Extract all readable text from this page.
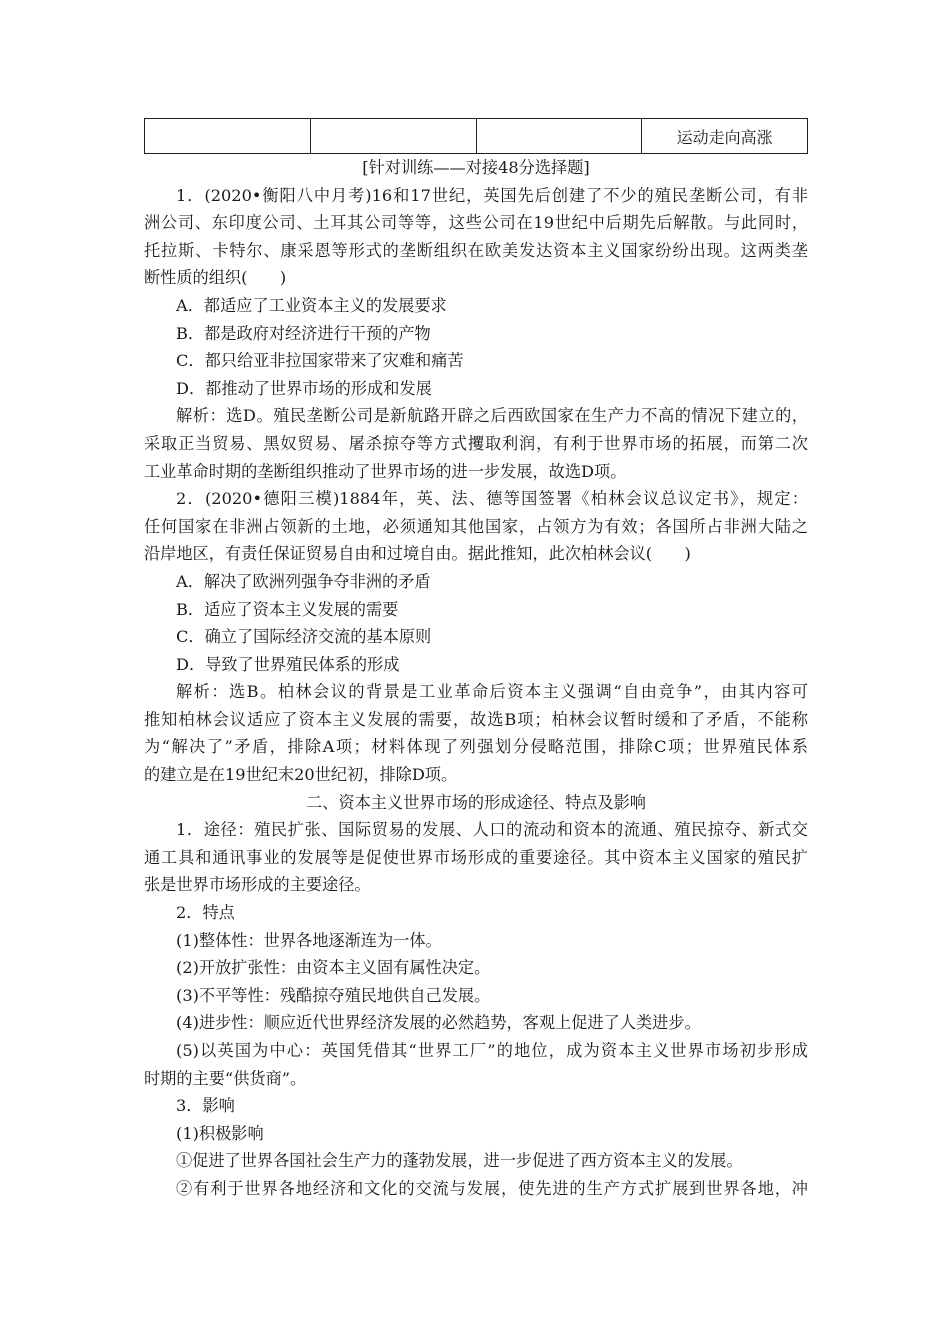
			运动走向高涨
[针对训练——对接48分选择题]
1．(2020•衡阳八中月考)16和17世纪，英国先后创建了不少的殖民垄断公司，有非
洲公司、东印度公司、土耳其公司等等，这些公司在19世纪中后期先后解散。与此同时，
托拉斯、卡特尔、康采恩等形式的垄断组织在欧美发达资本主义国家纷纷出现。这两类垄
断性质的组织(　　)
A．都适应了工业资本主义的发展要求
B．都是政府对经济进行干预的产物
C．都只给亚非拉国家带来了灾难和痛苦
D．都推动了世界市场的形成和发展
解析：选D。殖民垄断公司是新航路开辟之后西欧国家在生产力不高的情况下建立的，
采取正当贸易、黑奴贸易、屠杀掠夺等方式攫取利润，有利于世界市场的拓展，而第二次
工业革命时期的垄断组织推动了世界市场的进一步发展，故选D项。
2．(2020•德阳三模)1884年，英、法、德等国签署《柏林会议总议定书》，规定：
任何国家在非洲占领新的土地，必须通知其他国家，占领方为有效；各国所占非洲大陆之
沿岸地区，有责任保证贸易自由和过境自由。据此推知，此次柏林会议(　　)
A．解决了欧洲列强争夺非洲的矛盾
B．适应了资本主义发展的需要
C．确立了国际经济交流的基本原则
D．导致了世界殖民体系的形成
解析：选B。柏林会议的背景是工业革命后资本主义强调“自由竞争”，由其内容可
推知柏林会议适应了资本主义发展的需要，故选B项；柏林会议暂时缓和了矛盾，不能称
为“解决了”矛盾，排除A项；材料体现了列强划分侵略范围，排除C项；世界殖民体系
的建立是在19世纪末20世纪初，排除D项。
二、资本主义世界市场的形成途径、特点及影响
1．途径：殖民扩张、国际贸易的发展、人口的流动和资本的流通、殖民掠夺、新式交
通工具和通讯事业的发展等是促使世界市场形成的重要途径。其中资本主义国家的殖民扩
张是世界市场形成的主要途径。
2．特点
(1)整体性：世界各地逐渐连为一体。
(2)开放扩张性：由资本主义固有属性决定。
(3)不平等性：残酷掠夺殖民地供自己发展。
(4)进步性：顺应近代世界经济发展的必然趋势，客观上促进了人类进步。
(5)以英国为中心：英国凭借其“世界工厂”的地位，成为资本主义世界市场初步形成
时期的主要“供货商”。
3．影响
(1)积极影响
①促进了世界各国社会生产力的蓬勃发展，进一步促进了西方资本主义的发展。
②有利于世界各地经济和文化的交流与发展，使先进的生产方式扩展到世界各地，冲
